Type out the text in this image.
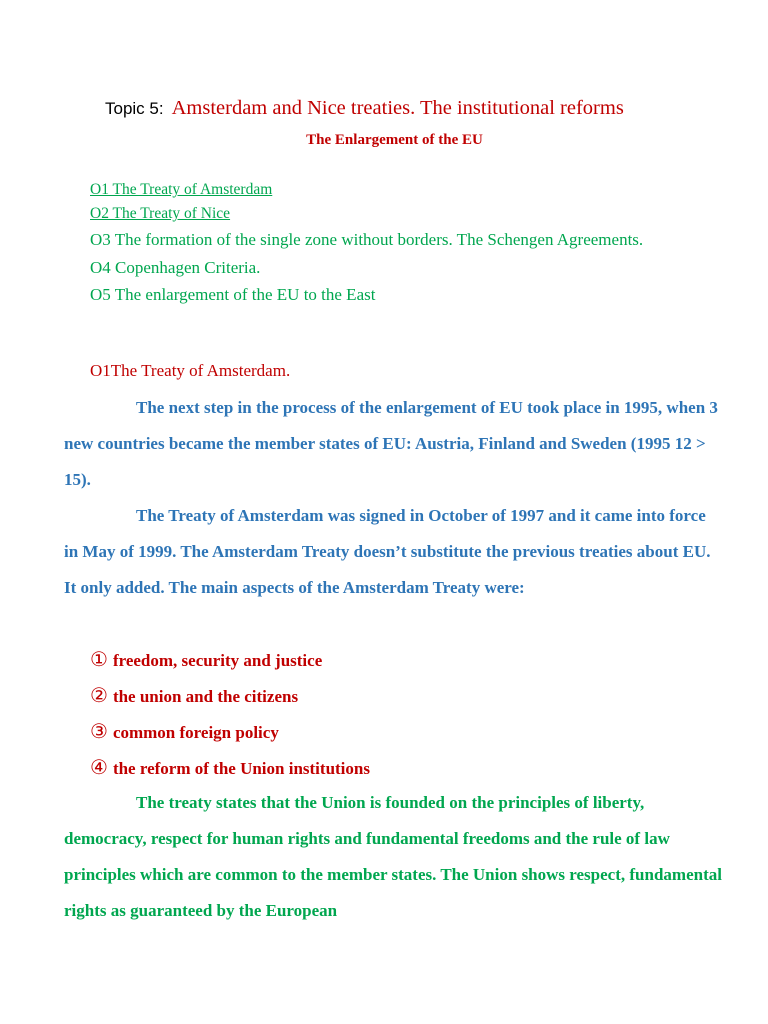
Topic 5: Amsterdam and Nice treaties. The institutional reforms
The Enlargement of the EU

O1 The Treaty of Amsterdam

O2 The Treaty of Nice

O3 The formation of the single zone without borders. The Schengen Agreements.

O4 Copenhagen Criteria.

O5 The enlargement of the EU to the East

O1The Treaty of Amsterdam.

The next step in the process of the enlargement of EU took place in 1995, when 3 new countries became the member states of EU: Austria, Finland and Sweden (1995 12 > 15).

The Treaty of Amsterdam was signed in October of 1997 and it came into force in May of 1999. The Amsterdam Treaty doesn’t substitute the previous treaties about EU. It only added. The main aspects of the Amsterdam Treaty were:

① freedom, security and justice
② the union and the citizens
③ common foreign policy
④ the reform of the Union institutions

The treaty states that the Union is founded on the principles of liberty, democracy, respect for human rights and fundamental freedoms and the rule of law principles which are common to the member states. The Union shows respect, fundamental rights as guaranteed by the European
